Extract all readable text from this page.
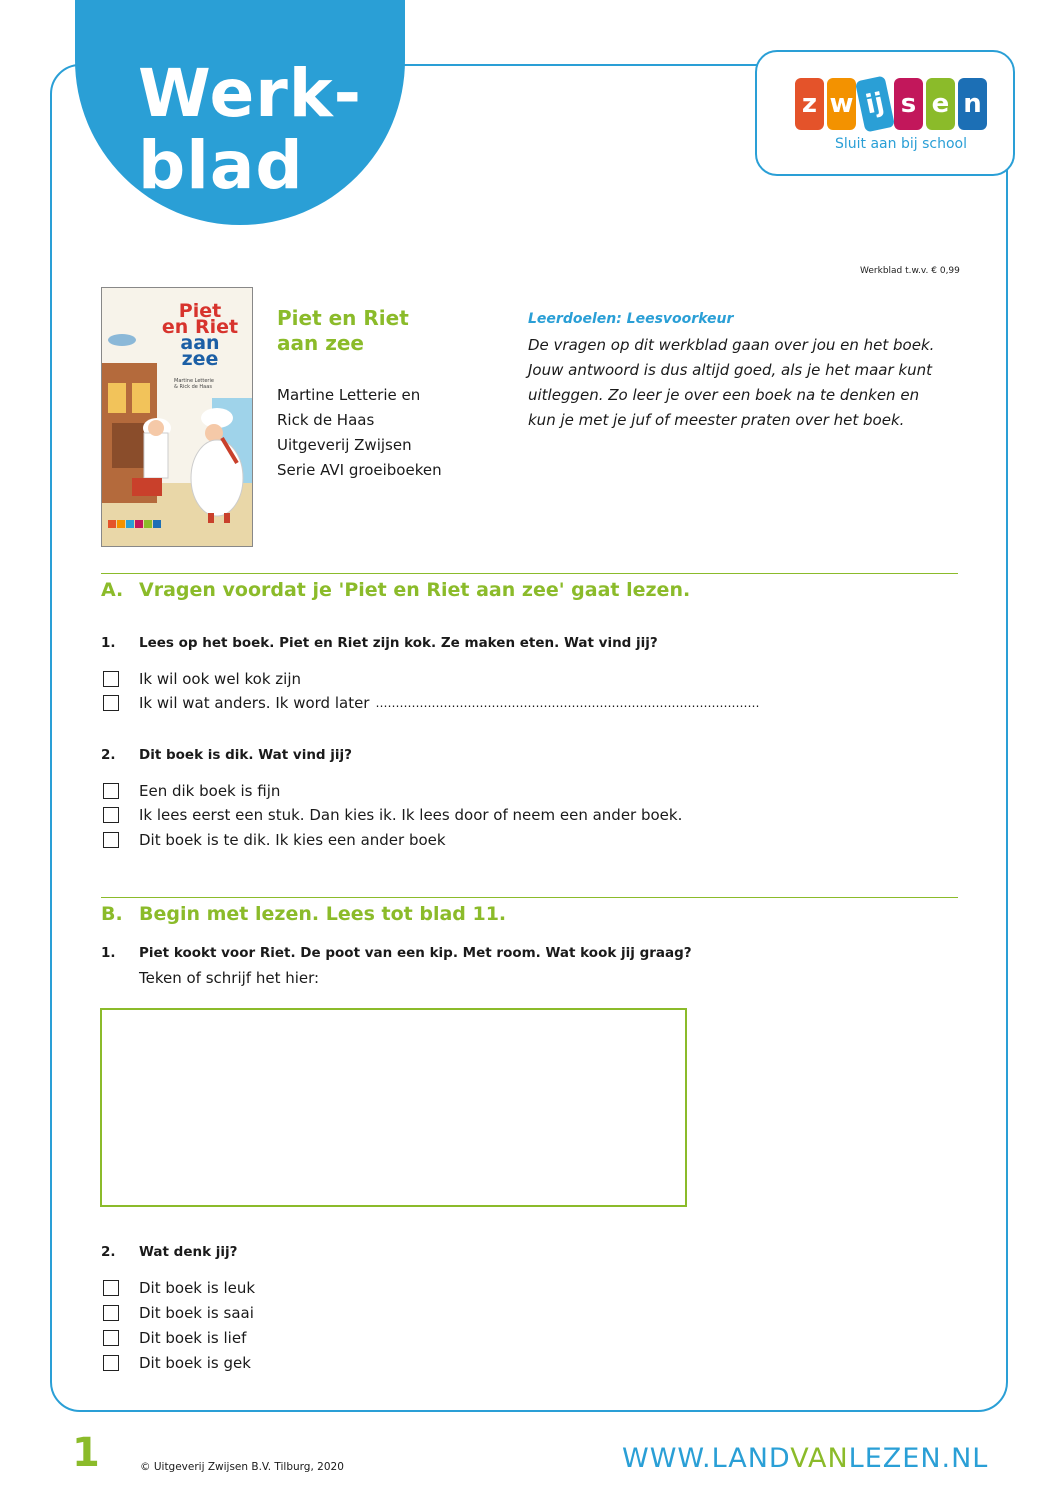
Werk-
blad
z w ij s e n
Sluit aan bij school
Werkblad t.w.v. € 0,99
Piet
en Riet
aan
zee
Martine Letterie
& Rick de Haas
Piet en Riet
aan zee
Martine Letterie en
Rick de Haas
Uitgeverij Zwijsen
Serie AVI groeiboeken
Leerdoelen: Leesvoorkeur
De vragen op dit werkblad gaan over jou en het boek. Jouw antwoord is dus altijd goed, als je het maar kunt uitleggen. Zo leer je over een boek na te denken en kun je met je juf of meester praten over het boek.
A. Vragen voordat je 'Piet en Riet aan zee' gaat lezen.
1. Lees op het boek. Piet en Riet zijn kok. Ze maken eten. Wat vind jij?
Ik wil ook wel kok zijn
Ik wil wat anders. Ik word later ……………………………………………………………………………………
2. Dit boek is dik. Wat vind jij?
Een dik boek is fijn
Ik lees eerst een stuk. Dan kies ik. Ik lees door of neem een ander boek.
Dit boek is te dik. Ik kies een ander boek
B. Begin met lezen. Lees tot blad 11.
1. Piet kookt voor Riet. De poot van een kip. Met room. Wat kook jij graag?
Teken of schrijf het hier:
2. Wat denk jij?
Dit boek is leuk
Dit boek is saai
Dit boek is lief
Dit boek is gek
1	© Uitgeverij Zwijsen B.V. Tilburg, 2020	WWW.LANDVANLEZEN.NL
